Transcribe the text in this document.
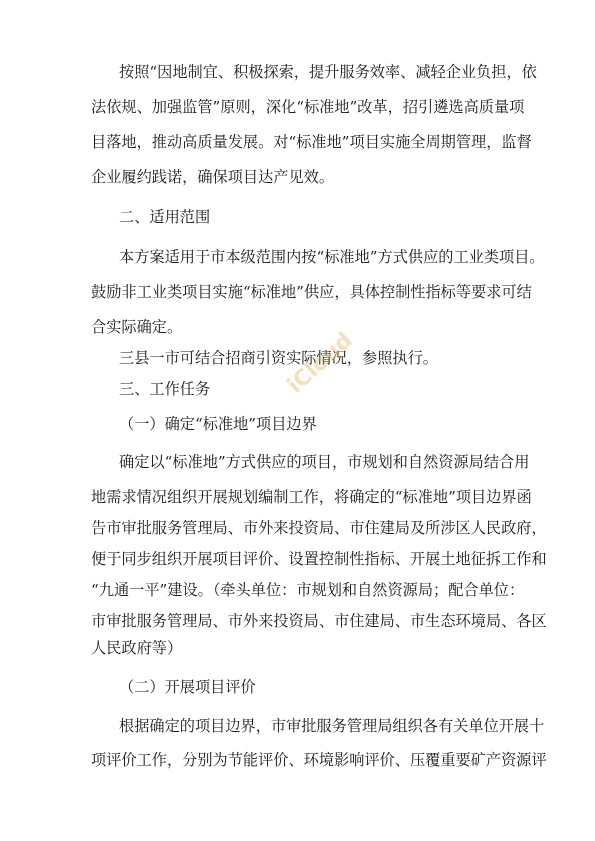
按照“因地制宜、积极探索，提升服务效率、减轻企业负担，依
法依规、加强监管”原则，深化“标准地”改革，招引遴选高质量项
目落地，推动高质量发展。对“标准地”项目实施全周期管理，监督
企业履约践诺，确保项目达产见效。
二、适用范围
本方案适用于市本级范围内按“标准地”方式供应的工业类项目。
鼓励非工业类项目实施“标准地”供应，具体控制性指标等要求可结
合实际确定。
三县一市可结合招商引资实际情况，参照执行。
三、工作任务
（一）确定“标准地”项目边界
确定以“标准地”方式供应的项目，市规划和自然资源局结合用
地需求情况组织开展规划编制工作，将确定的“标准地”项目边界函
告市审批服务管理局、市外来投资局、市住建局及所涉区人民政府，
便于同步组织开展项目评价、设置控制性指标、开展土地征拆工作和
“九通一平”建设。（牵头单位：市规划和自然资源局；配合单位：
市审批服务管理局、市外来投资局、市住建局、市生态环境局、各区
人民政府等）
（二）开展项目评价
根据确定的项目边界，市审批服务管理局组织各有关单位开展十
项评价工作，分别为节能评价、环境影响评价、压覆重要矿产资源评
iCloud
